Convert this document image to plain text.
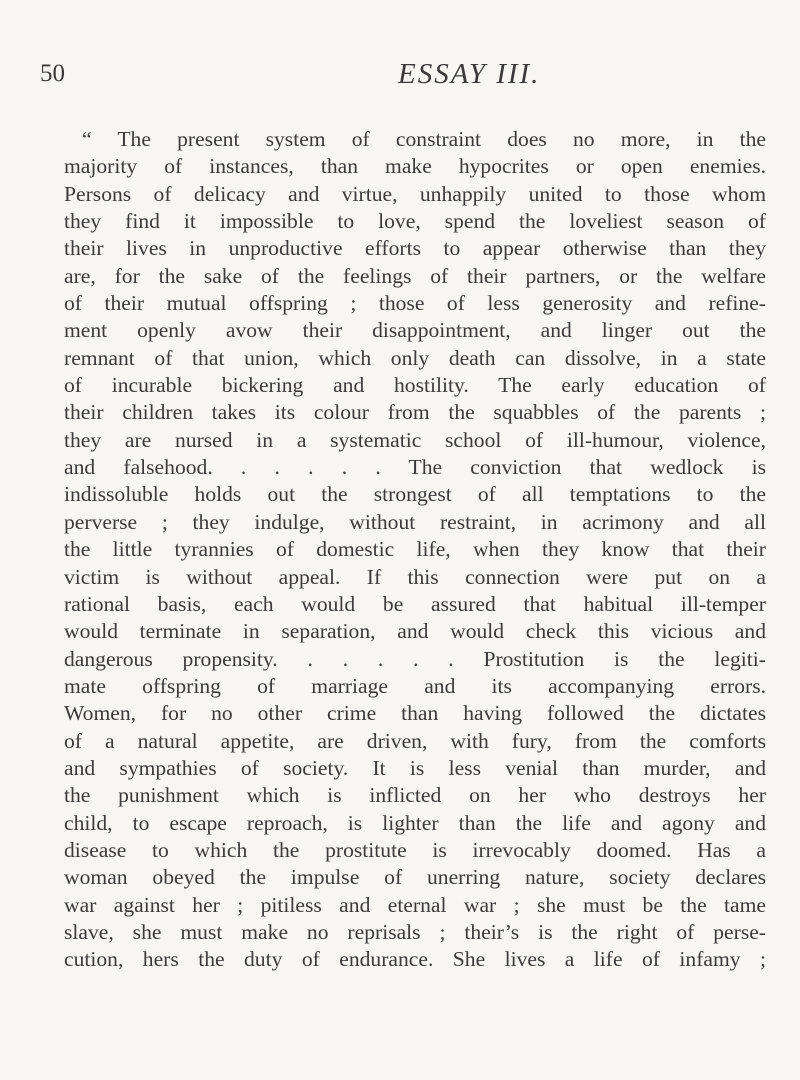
50	ESSAY III.
“ The present system of constraint does no more, in the
majority of instances, than make hypocrites or open enemies.
Persons of delicacy and virtue, unhappily united to those whom
they find it impossible to love, spend the loveliest season of
their lives in unproductive efforts to appear otherwise than they
are, for the sake of the feelings of their partners, or the welfare
of their mutual offspring ; those of less generosity and refine-
ment openly avow their disappointment, and linger out the
remnant of that union, which only death can dissolve, in a state
of incurable bickering and hostility. The early education of
their children takes its colour from the squabbles of the parents ;
they are nursed in a systematic school of ill-humour, violence,
and falsehood. . . . . . The conviction that wedlock is
indissoluble holds out the strongest of all temptations to the
perverse ; they indulge, without restraint, in acrimony and all
the little tyrannies of domestic life, when they know that their
victim is without appeal. If this connection were put on a
rational basis, each would be assured that habitual ill-temper
would terminate in separation, and would check this vicious and
dangerous propensity. . . . . . Prostitution is the legiti-
mate offspring of marriage and its accompanying errors.
Women, for no other crime than having followed the dictates
of a natural appetite, are driven, with fury, from the comforts
and sympathies of society. It is less venial than murder, and
the punishment which is inflicted on her who destroys her
child, to escape reproach, is lighter than the life and agony and
disease to which the prostitute is irrevocably doomed. Has a
woman obeyed the impulse of unerring nature, society declares
war against her ; pitiless and eternal war ; she must be the tame
slave, she must make no reprisals ; their’s is the right of perse-
cution, hers the duty of endurance. She lives a life of infamy ;
